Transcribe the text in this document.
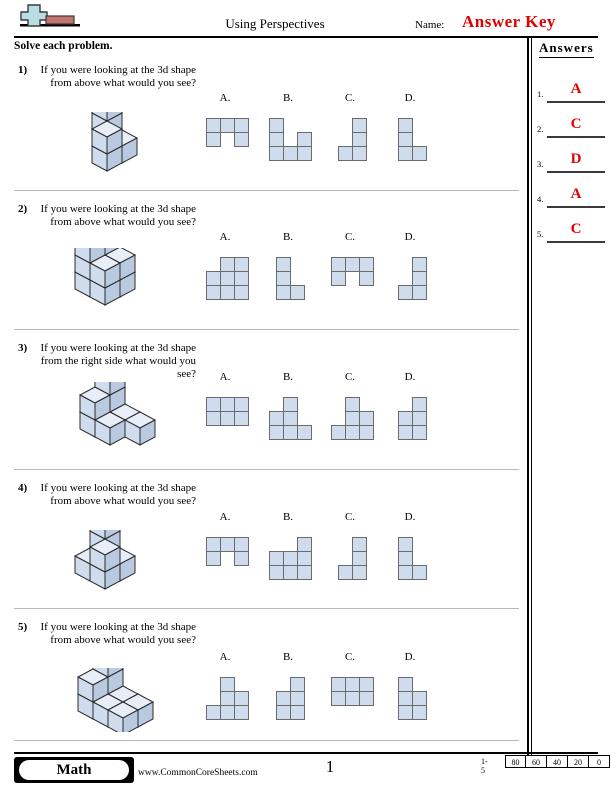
Using Perspectives	Name: Answer Key
Solve each problem.	Answers
1.	A
2.	C
3.	D
4.	A
5.	C
1)	If you were looking at the 3d shape from above what would you see?
2)	If you were looking at the 3d shape from above what would you see?
3)	If you were looking at the 3d shape from the right side what would you see?
4)	If you were looking at the 3d shape from above what would you see?
5)	If you were looking at the 3d shape from above what would you see?
Math	www.CommonCoreSheets.com	1	1-5
80	60	40	20	0
A.	B.	C.	D.
A.	B.	C.	D.
A.	B.	C.	D.
A.	B.	C.	D.
A.	B.	C.	D.
